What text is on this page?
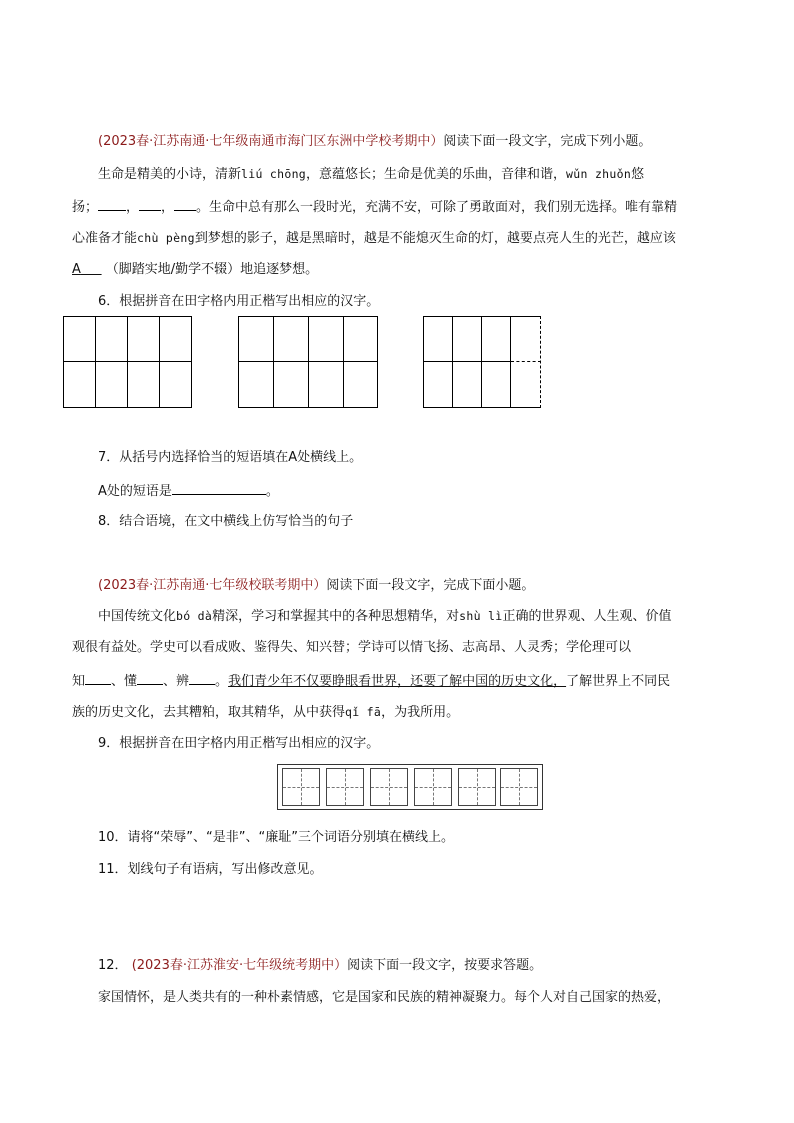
(2023春·江苏南通·七年级南通市海门区东洲中学校考期中）阅读下面一段文字，完成下列小题。
生命是精美的小诗，清新liú chōng，意蕴悠长；生命是优美的乐曲，音律和谐，wǔn zhuǒn悠
扬； ， ， 。生命中总有那么一段时光，充满不安，可除了勇敢面对，我们别无选择。唯有靠精
心准备才能chù pèng到梦想的影子，越是黑暗时，越是不能熄灭生命的灯，越要点亮人生的光芒，越应该
A （脚踏实地/勤学不辍）地追逐梦想。
6．根据拼音在田字格内用正楷写出相应的汉字。
7．从括号内选择恰当的短语填在A处横线上。
A处的短语是	。
8．结合语境，在文中横线上仿写恰当的句子
(2023春·江苏南通·七年级校联考期中）阅读下面一段文字，完成下面小题。
中国传统文化bó dà精深，学习和掌握其中的各种思想精华，对shù lì正确的世界观、人生观、价值
观很有益处。学史可以看成败、鉴得失、知兴替；学诗可以情飞扬、志高昂、人灵秀；学伦理可以
知 、懂 、辨 。我们青少年不仅要睁眼看世界，还要了解中国的历史文化，了解世界上不同民
族的历史文化，去其糟粕，取其精华，从中获得qǐ fā，为我所用。
9．根据拼音在田字格内用正楷写出相应的汉字。
10．请将“荣辱”、“是非”、“廉耻”三个词语分别填在横线上。
11．划线句子有语病，写出修改意见。
12． (2023春·江苏淮安·七年级统考期中）阅读下面一段文字，按要求答题。
家国情怀，是人类共有的一种朴素情感，它是国家和民族的精神凝聚力。每个人对自己国家的热爱，
